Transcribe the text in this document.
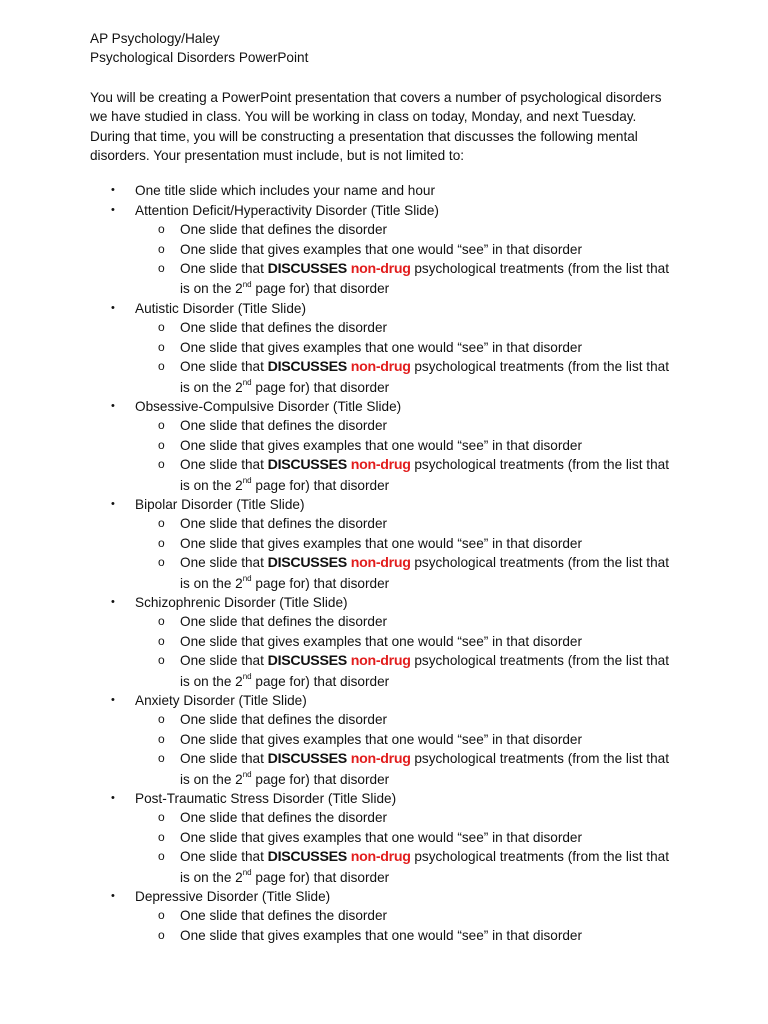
AP Psychology/Haley

Psychological Disorders PowerPoint

You will be creating a PowerPoint presentation that covers a number of psychological disorders

we have studied in class. You will be working in class on today, Monday, and next Tuesday.

During that time, you will be constructing a presentation that discusses the following mental

disorders. Your presentation must include, but is not limited to:

• One title slide which includes your name and hour
• Attention Deficit/Hyperactivity Disorder (Title Slide)
o One slide that defines the disorder
o One slide that gives examples that one would “see” in that disorder
o One slide that DISCUSSES non-drug psychological treatments (from the list that
is on the 2nd page for) that disorder
• Autistic Disorder (Title Slide)
o One slide that defines the disorder
o One slide that gives examples that one would “see” in that disorder
o One slide that DISCUSSES non-drug psychological treatments (from the list that
is on the 2nd page for) that disorder
• Obsessive-Compulsive Disorder (Title Slide)
o One slide that defines the disorder
o One slide that gives examples that one would “see” in that disorder
o One slide that DISCUSSES non-drug psychological treatments (from the list that
is on the 2nd page for) that disorder
• Bipolar Disorder (Title Slide)
o One slide that defines the disorder
o One slide that gives examples that one would “see” in that disorder
o One slide that DISCUSSES non-drug psychological treatments (from the list that
is on the 2nd page for) that disorder
• Schizophrenic Disorder (Title Slide)
o One slide that defines the disorder
o One slide that gives examples that one would “see” in that disorder
o One slide that DISCUSSES non-drug psychological treatments (from the list that
is on the 2nd page for) that disorder
• Anxiety Disorder (Title Slide)
o One slide that defines the disorder
o One slide that gives examples that one would “see” in that disorder
o One slide that DISCUSSES non-drug psychological treatments (from the list that
is on the 2nd page for) that disorder
• Post-Traumatic Stress Disorder (Title Slide)
o One slide that defines the disorder
o One slide that gives examples that one would “see” in that disorder
o One slide that DISCUSSES non-drug psychological treatments (from the list that
is on the 2nd page for) that disorder
• Depressive Disorder (Title Slide)
o One slide that defines the disorder
o One slide that gives examples that one would “see” in that disorder
